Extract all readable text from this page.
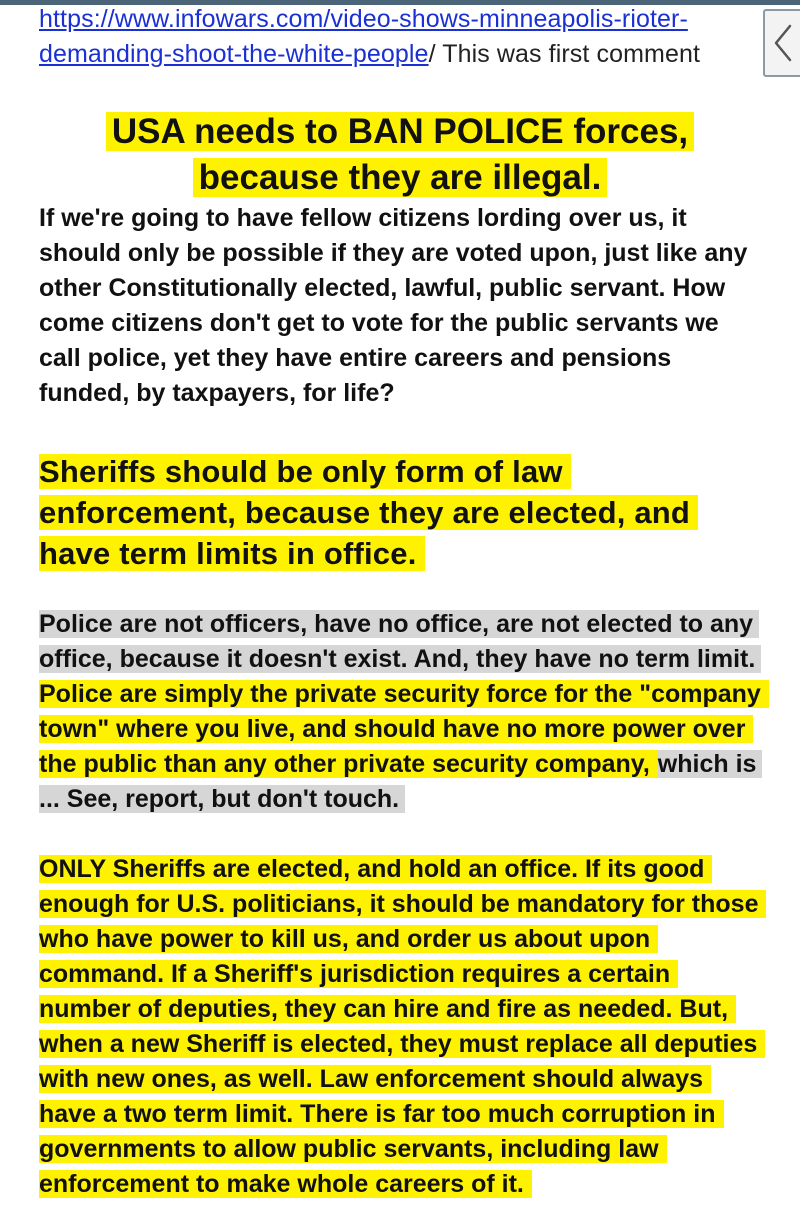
https://www.infowars.com/video-shows-minneapolis-rioter-
demanding-shoot-the-white-people/ This was first comment
USA needs to BAN POLICE forces,
because they are illegal.

If we're going to have fellow citizens lording over us, it should only be possible if they are voted upon, just like any other Constitutionally elected, lawful, public servant. How come citizens don't get to vote for the public servants we call police, yet they have entire careers and pensions funded, by taxpayers, for life?

Sheriffs should be only form of law enforcement, because they are elected, and have term limits in office.

Police are not officers, have no office, are not elected to any office, because it doesn't exist. And, they have no term limit. Police are simply the private security force for the "company town" where you live, and should have no more power over the public than any other private security company, which is ... See, report, but don't touch.

ONLY Sheriffs are elected, and hold an office. If its good enough for U.S. politicians, it should be mandatory for those who have power to kill us, and order us about upon command. If a Sheriff's jurisdiction requires a certain number of deputies, they can hire and fire as needed. But, when a new Sheriff is elected, they must replace all deputies with new ones, as well. Law enforcement should always have a two term limit. There is far too much corruption in governments to allow public servants, including law enforcement to make whole careers of it.
